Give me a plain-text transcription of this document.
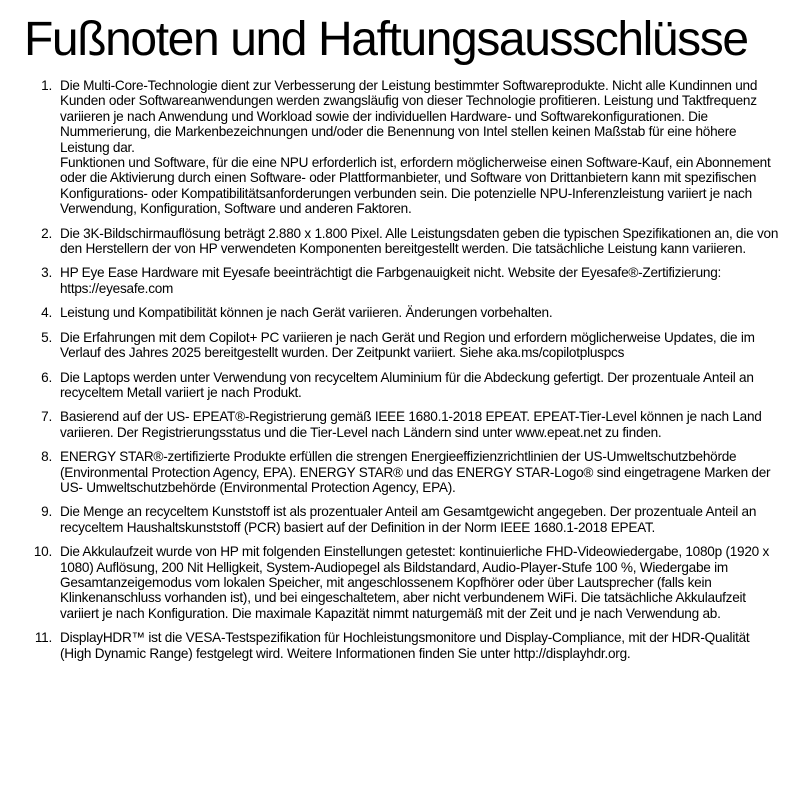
Fußnoten und Haftungsausschlüsse
1. Die Multi-Core-Technologie dient zur Verbesserung der Leistung bestimmter Softwareprodukte. Nicht alle Kundinnen und Kunden oder Softwareanwendungen werden zwangsläufig von dieser Technologie profitieren. Leistung und Taktfrequenz variieren je nach Anwendung und Workload sowie der individuellen Hardware- und Softwarekonfigurationen. Die Nummerierung, die Markenbezeichnungen und/oder die Benennung von Intel stellen keinen Maßstab für eine höhere Leistung dar.
Funktionen und Software, für die eine NPU erforderlich ist, erfordern möglicherweise einen Software-Kauf, ein Abonnement oder die Aktivierung durch einen Software- oder Plattformanbieter, und Software von Drittanbietern kann mit spezifischen Konfigurations- oder Kompatibilitätsanforderungen verbunden sein. Die potenzielle NPU-Inferenzleistung variiert je nach Verwendung, Konfiguration, Software und anderen Faktoren.
2. Die 3K-Bildschirmauflösung beträgt 2.880 x 1.800 Pixel. Alle Leistungsdaten geben die typischen Spezifikationen an, die von den Herstellern der von HP verwendeten Komponenten bereitgestellt werden. Die tatsächliche Leistung kann variieren.
3. HP Eye Ease Hardware mit Eyesafe beeinträchtigt die Farbgenauigkeit nicht. Website der Eyesafe®-Zertifizierung: https://eyesafe.com
4. Leistung und Kompatibilität können je nach Gerät variieren. Änderungen vorbehalten.
5. Die Erfahrungen mit dem Copilot+ PC variieren je nach Gerät und Region und erfordern möglicherweise Updates, die im Verlauf des Jahres 2025 bereitgestellt wurden. Der Zeitpunkt variiert. Siehe aka.ms/copilotpluspcs
6. Die Laptops werden unter Verwendung von recyceltem Aluminium für die Abdeckung gefertigt. Der prozentuale Anteil an recyceltem Metall variiert je nach Produkt.
7. Basierend auf der US- EPEAT®-Registrierung gemäß IEEE 1680.1-2018 EPEAT. EPEAT-Tier-Level können je nach Land variieren. Der Registrierungsstatus und die Tier-Level nach Ländern sind unter www.epeat.net zu finden.
8. ENERGY STAR®-zertifizierte Produkte erfüllen die strengen Energieeffizienzrichtlinien der US-Umweltschutzbehörde (Environmental Protection Agency, EPA). ENERGY STAR® und das ENERGY STAR-Logo® sind eingetragene Marken der US- Umweltschutzbehörde (Environmental Protection Agency, EPA).
9. Die Menge an recyceltem Kunststoff ist als prozentualer Anteil am Gesamtgewicht angegeben. Der prozentuale Anteil an recyceltem Haushaltskunststoff (PCR) basiert auf der Definition in der Norm IEEE 1680.1-2018 EPEAT.
10. Die Akkulaufzeit wurde von HP mit folgenden Einstellungen getestet: kontinuierliche FHD-Videowiedergabe, 1080p (1920 x 1080) Auflösung, 200 Nit Helligkeit, System-Audiopegel als Bildstandard, Audio-Player-Stufe 100 %, Wiedergabe im Gesamtanzeigemodus vom lokalen Speicher, mit angeschlossenem Kopfhörer oder über Lautsprecher (falls kein Klinkenanschluss vorhanden ist), und bei eingeschaltetem, aber nicht verbundenem WiFi. Die tatsächliche Akkulaufzeit variiert je nach Konfiguration. Die maximale Kapazität nimmt naturgemäß mit der Zeit und je nach Verwendung ab.
11. DisplayHDR™ ist die VESA-Testspezifikation für Hochleistungsmonitore und Display-Compliance, mit der HDR-Qualität (High Dynamic Range) festgelegt wird. Weitere Informationen finden Sie unter http://displayhdr.org.
